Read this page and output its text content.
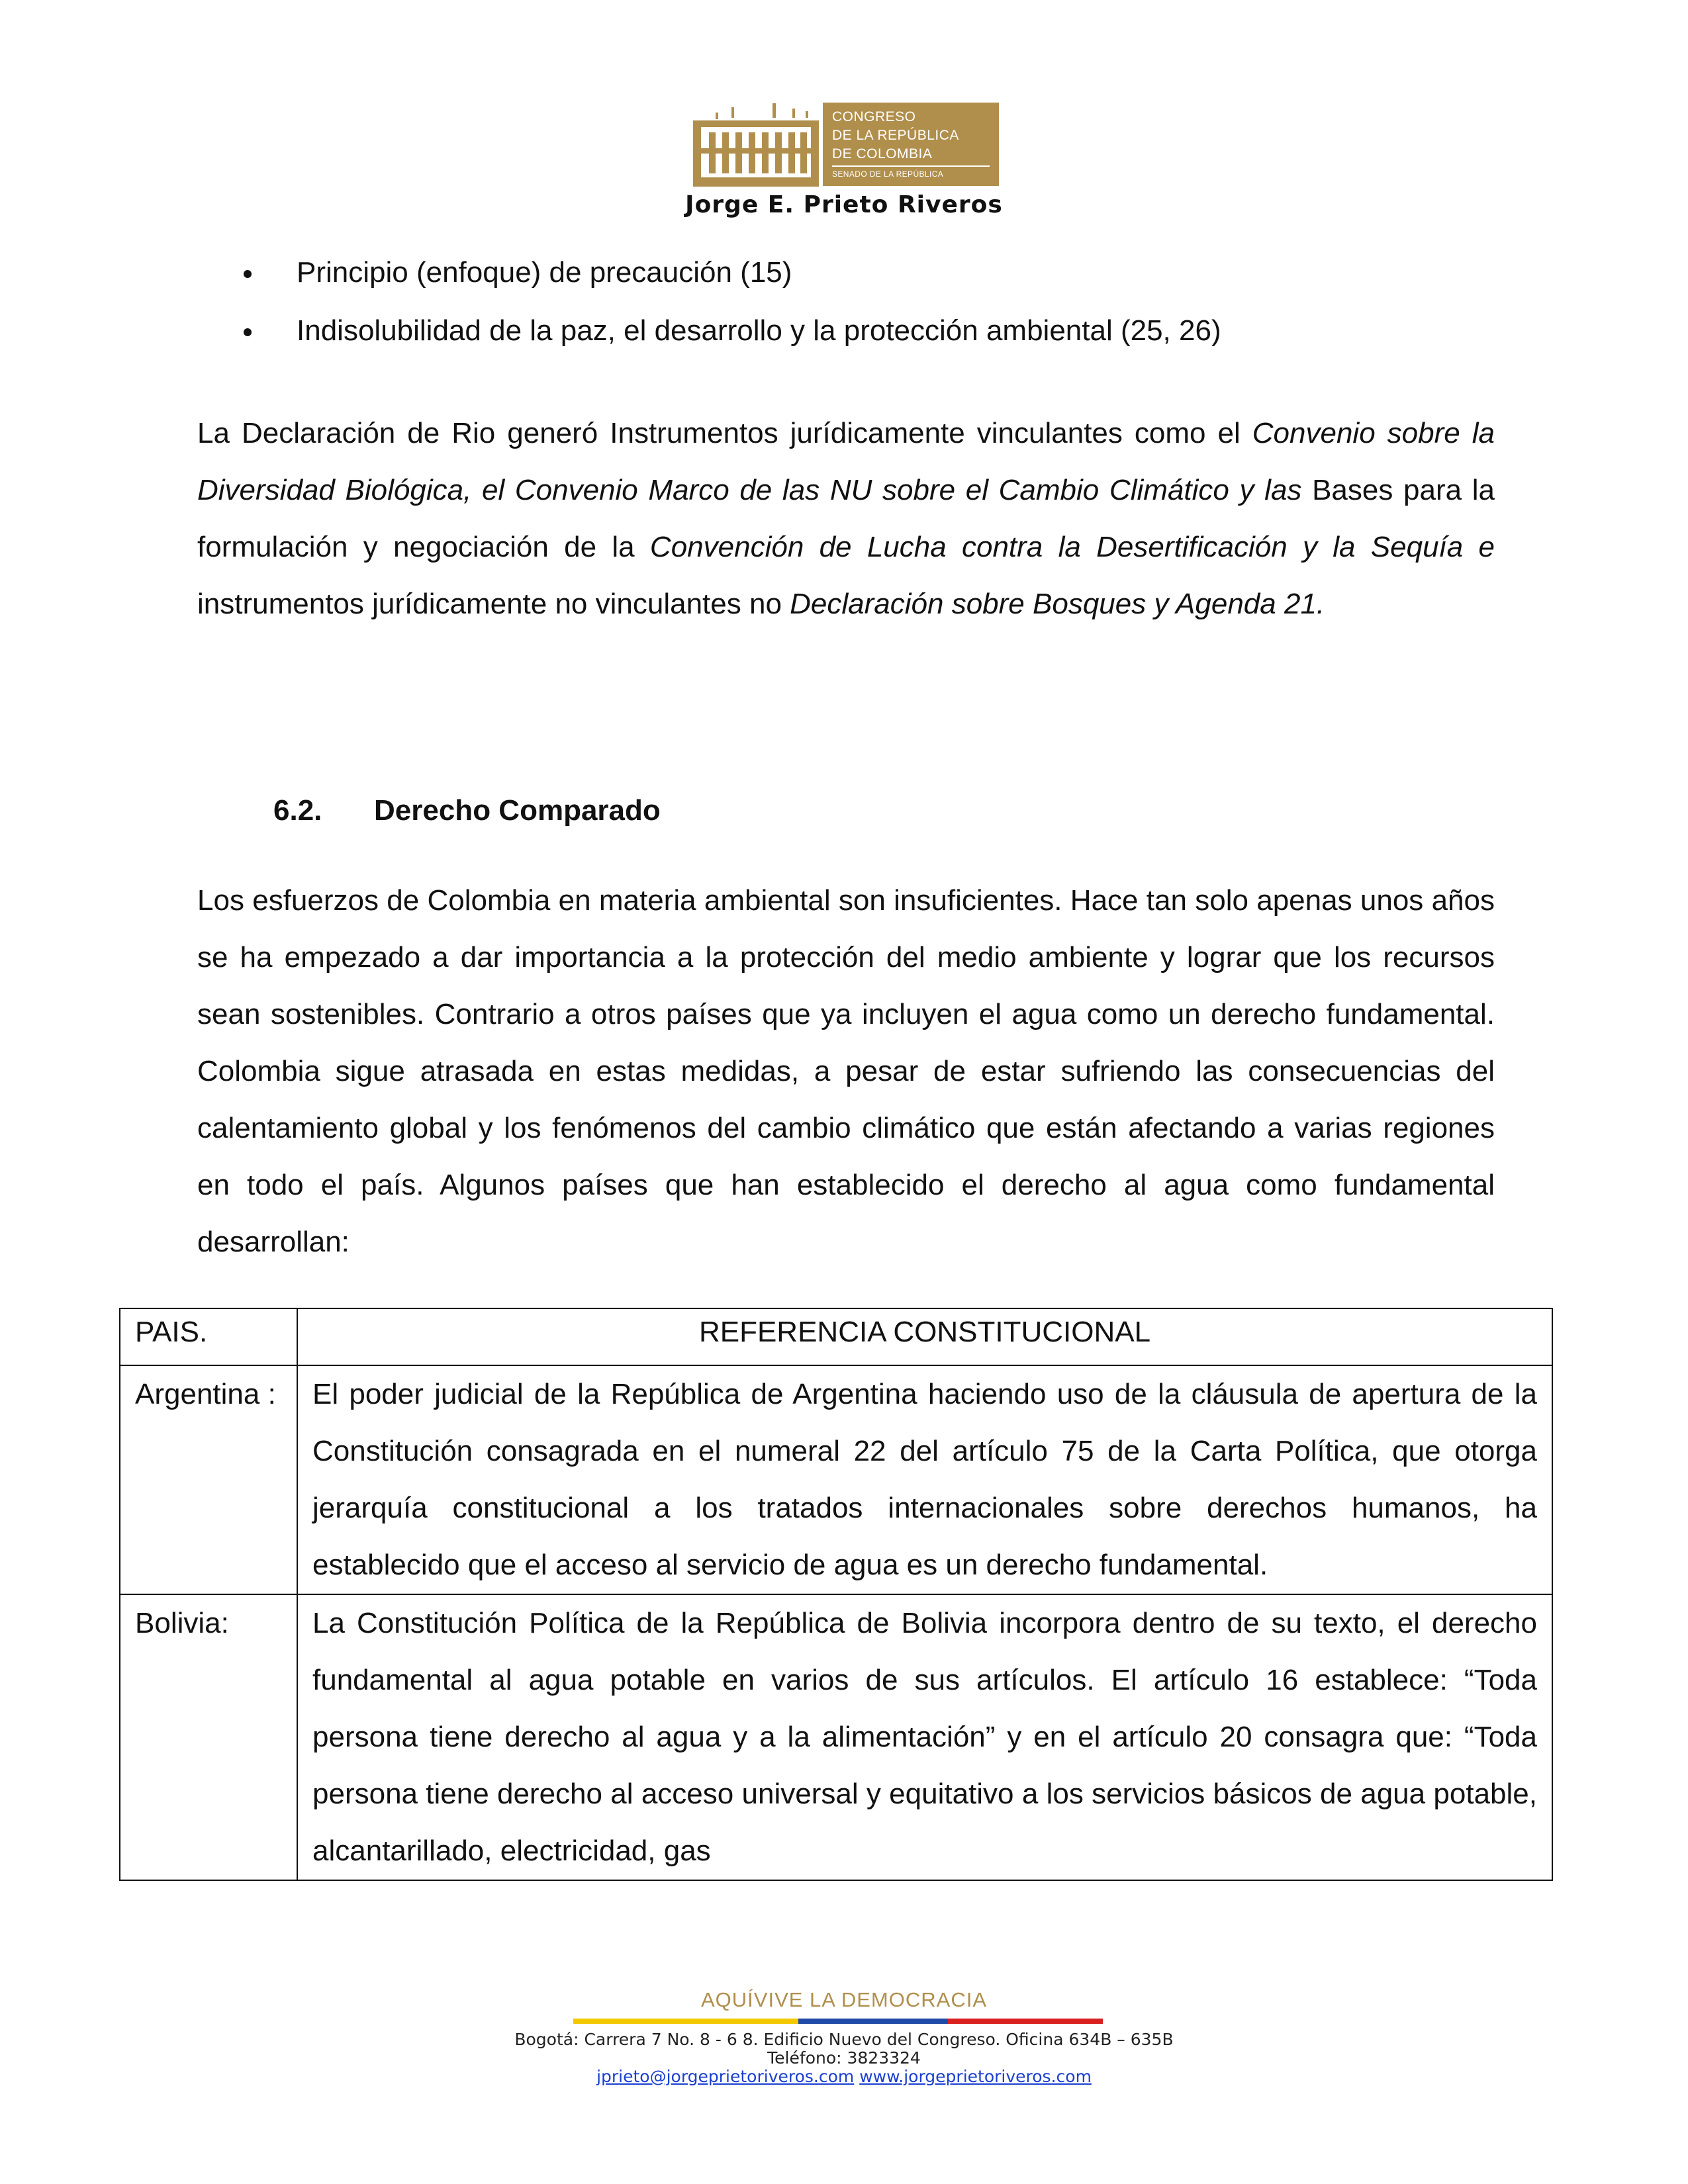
CONGRESO
DE LA REPÚBLICA
DE COLOMBIA
SENADO DE LA REPÚBLICA
Jorge E. Prieto Riveros
Principio (enfoque) de precaución (15)
Indisolubilidad de la paz, el desarrollo y la protección ambiental (25, 26)

La Declaración de Rio generó Instrumentos jurídicamente vinculantes como el Convenio sobre la Diversidad Biológica, el Convenio Marco de las NU sobre el Cambio Climático y las Bases para la formulación y negociación de la Convención de Lucha contra la Desertificación y la Sequía e instrumentos jurídicamente no vinculantes no Declaración sobre Bosques y Agenda 21.

6.2. Derecho Comparado

Los esfuerzos de Colombia en materia ambiental son insuficientes. Hace tan solo apenas unos años se ha empezado a dar importancia a la protección del medio ambiente y lograr que los recursos sean sostenibles. Contrario a otros países que ya incluyen el agua como un derecho fundamental. Colombia sigue atrasada en estas medidas, a pesar de estar sufriendo las consecuencias del calentamiento global y los fenómenos del cambio climático que están afectando a varias regiones en todo el país. Algunos países que han establecido el derecho al agua como fundamental desarrollan:

PAIS.	REFERENCIA CONSTITUCIONAL
Argentina :	El poder judicial de la República de Argentina haciendo uso de la cláusula de apertura de la Constitución consagrada en el numeral 22 del artículo 75 de la Carta Política, que otorga jerarquía constitucional a los tratados internacionales sobre derechos humanos, ha establecido que el acceso al servicio de agua es un derecho fundamental.
Bolivia:	La Constitución Política de la República de Bolivia incorpora dentro de su texto, el derecho fundamental al agua potable en varios de sus artículos. El artículo 16 establece: “Toda persona tiene derecho al agua y a la alimentación” y en el artículo 20 consagra que: “Toda persona tiene derecho al acceso universal y equitativo a los servicios básicos de agua potable, alcantarillado, electricidad, gas
AQUÍVIVE LA DEMOCRACIA
Bogotá: Carrera 7 No. 8 - 6 8. Edificio Nuevo del Congreso. Oficina 634B – 635B
Teléfono: 3823324
jprieto@jorgeprietoriveros.com www.jorgeprietoriveros.com
